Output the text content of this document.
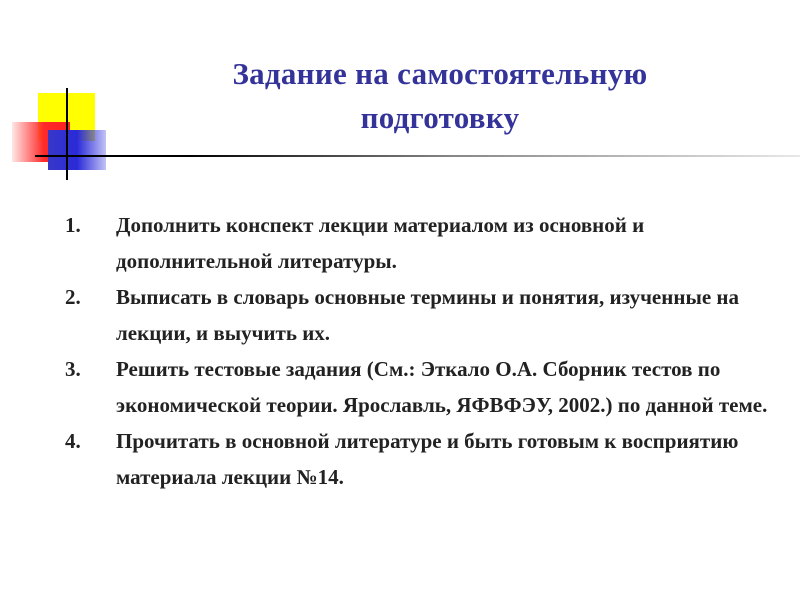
Задание на самостоятельную
подготовку
1. Дополнить конспект лекции материалом из основной и дополнительной литературы.
2. Выписать в словарь основные термины и понятия, изученные на лекции, и выучить их.
3. Решить тестовые задания (См.: Эткало О.А. Сборник тестов по экономической теории. Ярославль, ЯФВФЭУ, 2002.) по данной теме.
4. Прочитать в основной литературе и быть готовым к восприятию материала лекции №14.
